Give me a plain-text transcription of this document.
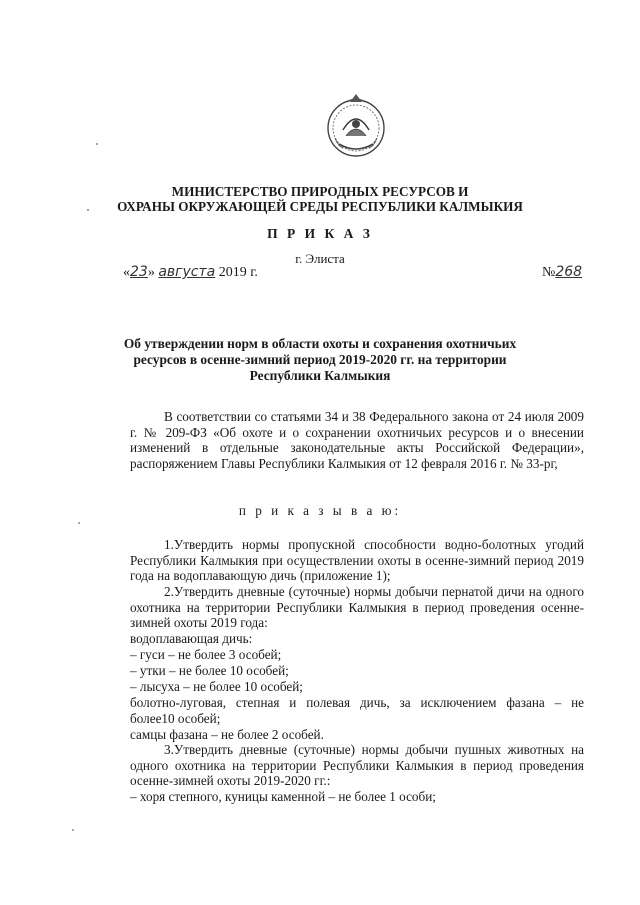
МИНИСТЕРСТВО ПРИРОДНЫХ РЕСУРСОВ И
ОХРАНЫ ОКРУЖАЮЩЕЙ СРЕДЫ РЕСПУБЛИКИ КАЛМЫКИЯ
П Р И К А З
г. Элиста
«23» августа 2019 г.	№268
Об утверждении норм в области охоты и сохранения охотничьих
ресурсов в осенне-зимний период 2019-2020 гг. на территории
Республики Калмыкия
В соответствии со статьями 34 и 38 Федерального закона от 24 июля 2009 г. № 209-ФЗ «Об охоте и о сохранении охотничьих ресурсов и о внесении изменений в отдельные законодательные акты Российской Федерации», распоряжением Главы Республики Калмыкия от 12 февраля 2016 г. № 33-рг,
п р и к а з ы в а ю:
1.Утвердить нормы пропускной способности водно-болотных угодий Республики Калмыкия при осуществлении охоты в осенне-зимний период 2019 года на водоплавающую дичь (приложение 1);
2.Утвердить дневные (суточные) нормы добычи пернатой дичи на одного охотника на территории Республики Калмыкия в период проведения осенне-зимней охоты 2019 года:
водоплавающая дичь:
– гуси – не более 3 особей;
– утки – не более 10 особей;
– лысуха – не более 10 особей;
болотно-луговая, степная и полевая дичь, за исключением фазана – не
более10 особей;
самцы фазана – не более 2 особей.
3.Утвердить дневные (суточные) нормы добычи пушных животных на одного охотника на территории Республики Калмыкия в период проведения осенне-зимней охоты 2019-2020 гг.:
– хоря степного, куницы каменной – не более 1 особи;
